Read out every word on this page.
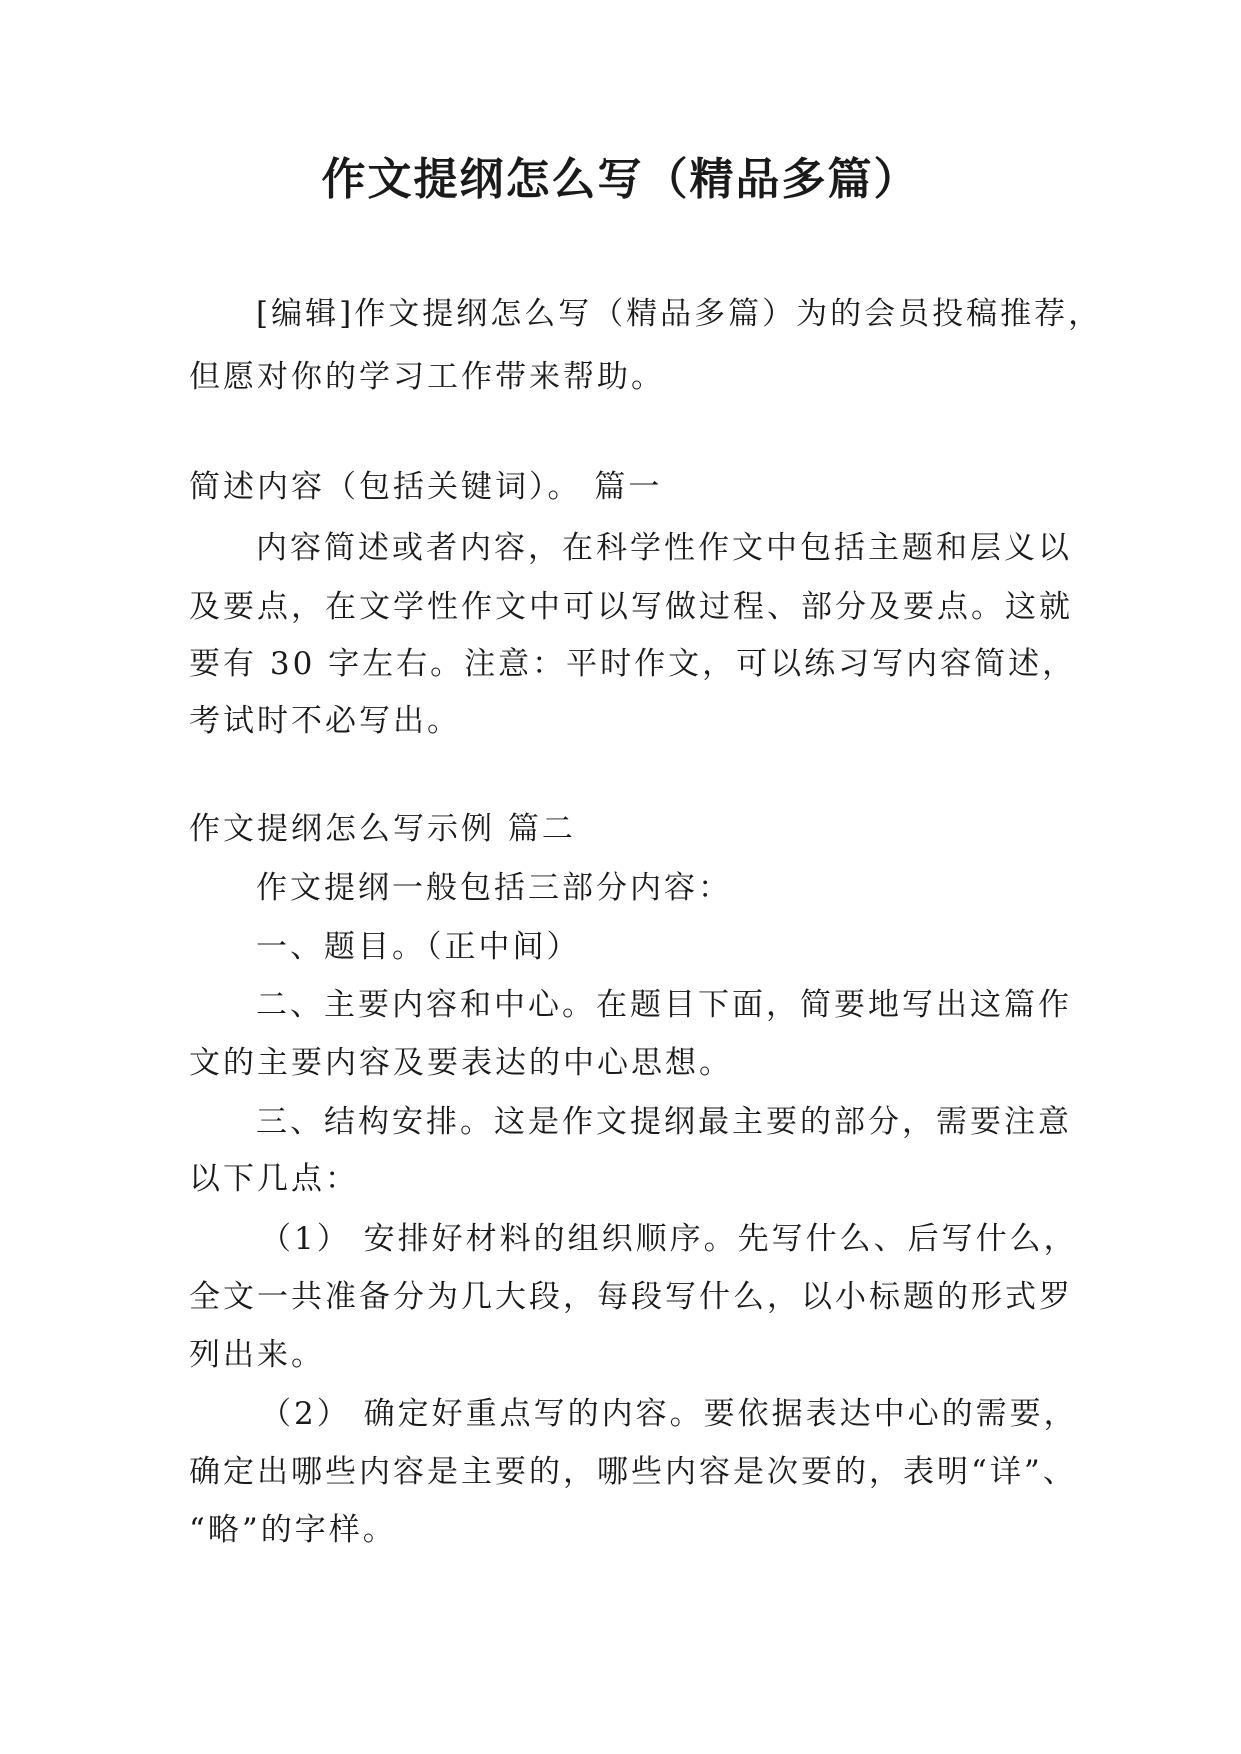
作文提纲怎么写（精品多篇）
[编辑]作文提纲怎么写（精品多篇）为的会员投稿推荐，
但愿对你的学习工作带来帮助。
简述内容（包括关键词）。 篇一
内容简述或者内容，在科学性作文中包括主题和层义以
及要点，在文学性作文中可以写做过程、部分及要点。这就
要有 30 字左右。注意：平时作文，可以练习写内容简述，
考试时不必写出。
作文提纲怎么写示例 篇二
作文提纲一般包括三部分内容：
一、题目。（正中间）
二、主要内容和中心。在题目下面，简要地写出这篇作
文的主要内容及要表达的中心思想。
三、结构安排。这是作文提纲最主要的部分，需要注意
以下几点：
（1） 安排好材料的组织顺序。先写什么、后写什么，
全文一共准备分为几大段，每段写什么，以小标题的形式罗
列出来。
（2） 确定好重点写的内容。要依据表达中心的需要，
确定出哪些内容是主要的，哪些内容是次要的，表明“详”、
“略”的字样。
